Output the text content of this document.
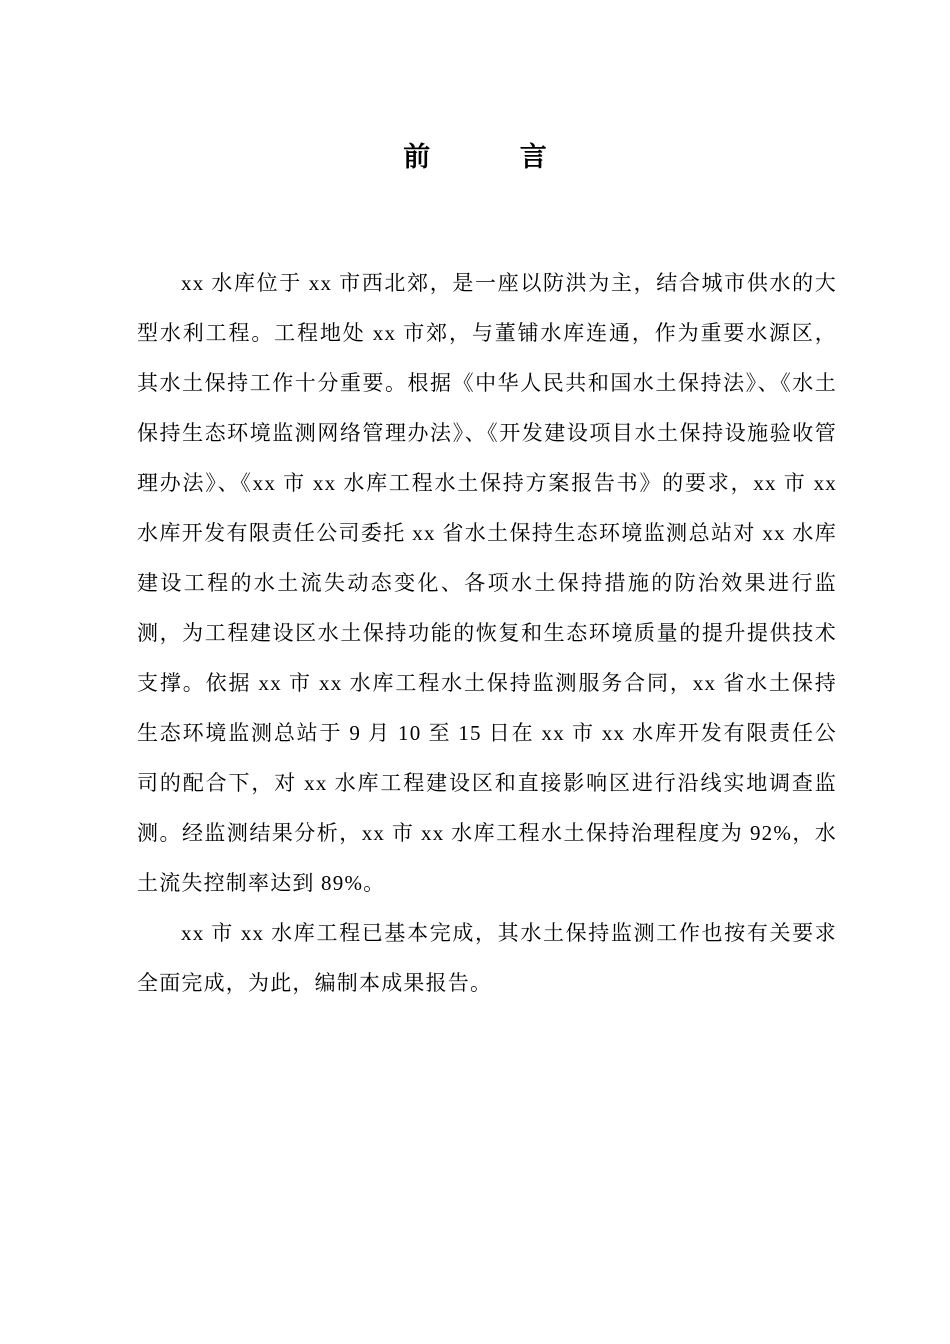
前 言

xx 水库位于 xx 市西北郊，是一座以防洪为主，结合城市供水的大型水利工程。工程地处 xx 市郊，与董铺水库连通，作为重要水源区，其水土保持工作十分重要。根据《中华人民共和国水土保持法》、《水土保持生态环境监测网络管理办法》、《开发建设项目水土保持设施验收管理办法》、《xx 市 xx 水库工程水土保持方案报告书》的要求，xx 市 xx 水库开发有限责任公司委托 xx 省水土保持生态环境监测总站对 xx 水库建设工程的水土流失动态变化、各项水土保持措施的防治效果进行监测，为工程建设区水土保持功能的恢复和生态环境质量的提升提供技术支撑。依据 xx 市 xx 水库工程水土保持监测服务合同，xx 省水土保持生态环境监测总站于 9 月 10 至 15 日在 xx 市 xx 水库开发有限责任公司的配合下，对 xx 水库工程建设区和直接影响区进行沿线实地调查监测。经监测结果分析，xx 市 xx 水库工程水土保持治理程度为 92%，水土流失控制率达到 89%。

xx 市 xx 水库工程已基本完成，其水土保持监测工作也按有关要求全面完成，为此，编制本成果报告。
